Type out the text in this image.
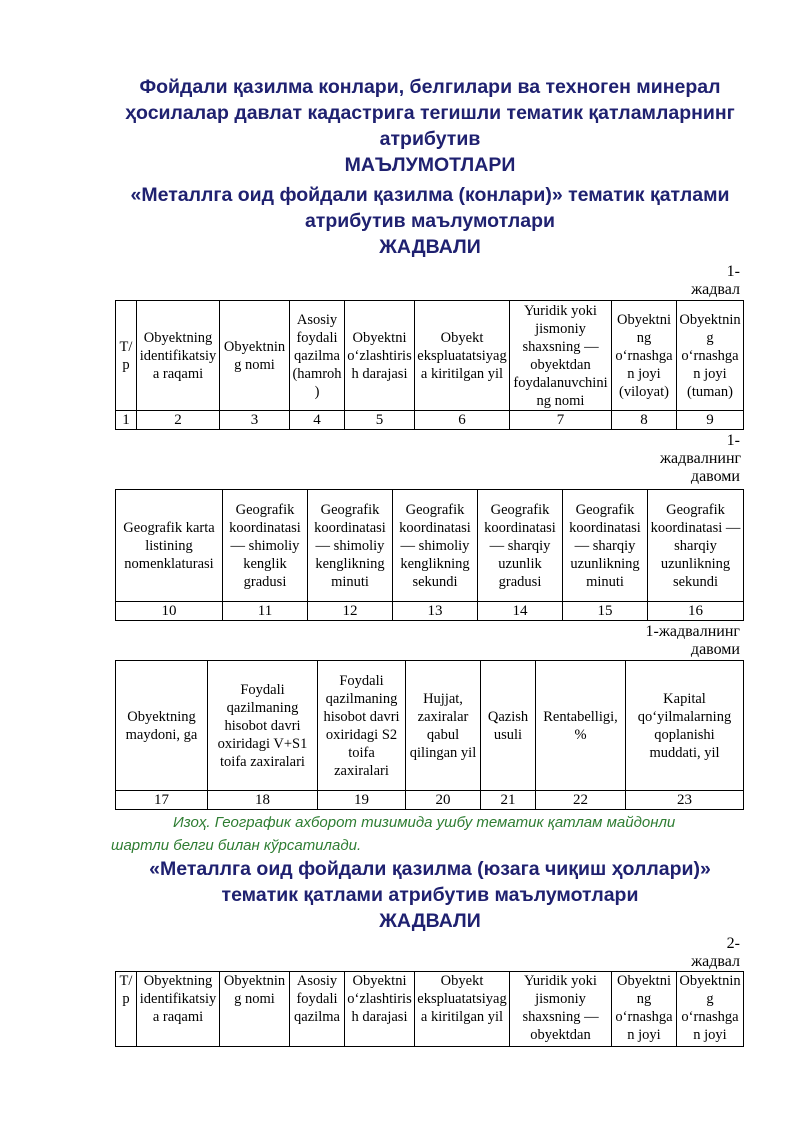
Фойдали қазилма конлари, белгилари ва техноген минерал
ҳосилалар давлат кадастрига тегишли тематик қатламларнинг
атрибутив
МАЪЛУМОТЛАРИ
«Металлга оид фойдали қазилма (конлари)» тематик қатлами
атрибутив маълумотлари
ЖАДВАЛИ
1-
жадвал
Т/р	Obyektning identifikatsiya raqami	Obyektning nomi	Asosiy foydali qazilma (hamroh)	Obyektni o‘zlashtirish darajasi	Obyekt ekspluatatsiyaga kiritilgan yil	Yuridik yoki jismoniy shaxsning — obyektdan foydalanuvchining nomi	Obyektning o‘rnashgan joyi (viloyat)	Obyektning o‘rnashgan joyi (tuman)
1	2	3	4	5	6	7	8	9
1-
жадвалнинг давоми
Geografik karta listining nomenklaturasi	Geografik koordinatasi — shimoliy kenglik gradusi	Geografik koordinatasi — shimoliy kenglikning minuti	Geografik koordinatasi — shimoliy kenglikning sekundi	Geografik koordinatasi — sharqiy uzunlik gradusi	Geografik koordinatasi — sharqiy uzunlikning minuti	Geografik koordinatasi — sharqiy uzunlikning sekundi
10	11	12	13	14	15	16
1-жадвалнинг
давоми
Obyektning maydoni, ga	Foydali qazilmaning hisobot davri oxiridagi V+S1 toifa zaxiralari	Foydali qazilmaning hisobot davri oxiridagi S2 toifa zaxiralari	Hujjat, zaxiralar qabul qilingan yil	Qazish usuli	Rentabelligi, %	Kapital qo‘yilmalarning qoplanishi muddati, yil
17	18	19	20	21	22	23
Изоҳ. Географик ахборот тизимида ушбу тематик қатлам майдонли
шартли белги билан кўрсатилади.
«Металлга оид фойдали қазилма (юзага чиқиш ҳоллари)»
тематик қатлами атрибутив маълумотлари
ЖАДВАЛИ
2-
жадвал
Т/р	Obyektning identifikatsiya raqami	Obyektning nomi	Asosiy foydali qazilma	Obyektni o‘zlashtirish darajasi	Obyekt ekspluatatsiyaga kiritilgan yil	Yuridik yoki jismoniy shaxsning — obyektdan	Obyektning o‘rnashgan joyi	Obyektning o‘rnashgan joyi
